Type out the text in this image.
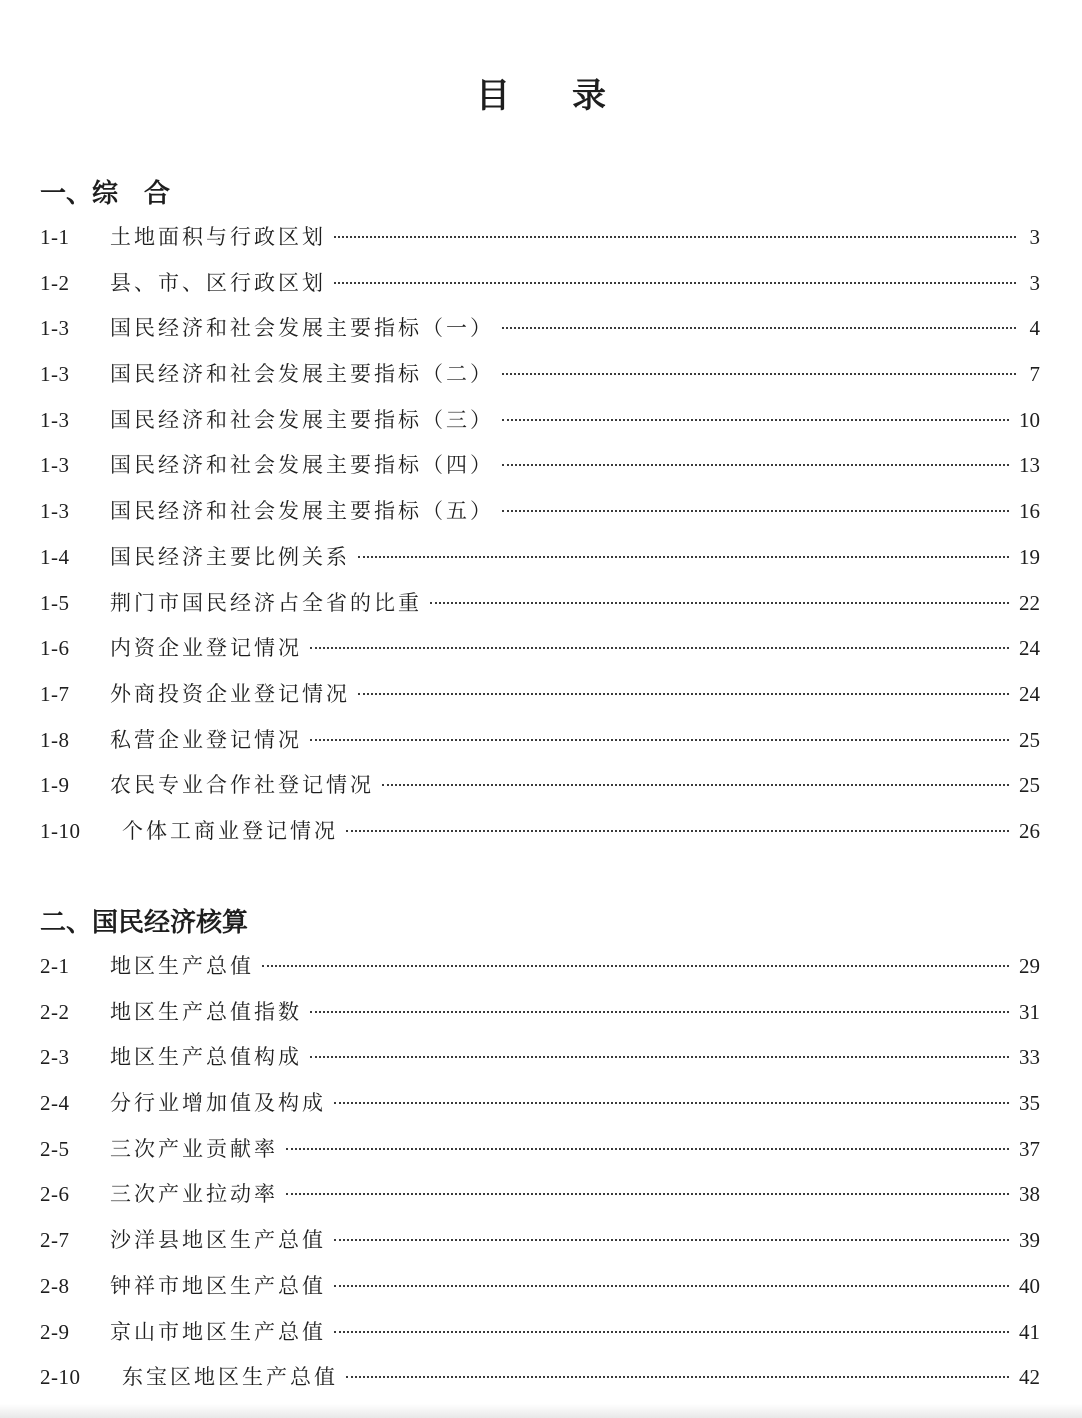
目录
一、综　合
1-1	土地面积与行政区划	3
1-2	县、市、区行政区划	3
1-3	国民经济和社会发展主要指标（一）	4
1-3	国民经济和社会发展主要指标（二）	7
1-3	国民经济和社会发展主要指标（三）	10
1-3	国民经济和社会发展主要指标（四）	13
1-3	国民经济和社会发展主要指标（五）	16
1-4	国民经济主要比例关系	19
1-5	荆门市国民经济占全省的比重	22
1-6	内资企业登记情况	24
1-7	外商投资企业登记情况	24
1-8	私营企业登记情况	25
1-9	农民专业合作社登记情况	25
1-10	个体工商业登记情况	26
二、国民经济核算
2-1	地区生产总值	29
2-2	地区生产总值指数	31
2-3	地区生产总值构成	33
2-4	分行业增加值及构成	35
2-5	三次产业贡献率	37
2-6	三次产业拉动率	38
2-7	沙洋县地区生产总值	39
2-8	钟祥市地区生产总值	40
2-9	京山市地区生产总值	41
2-10	东宝区地区生产总值	42
